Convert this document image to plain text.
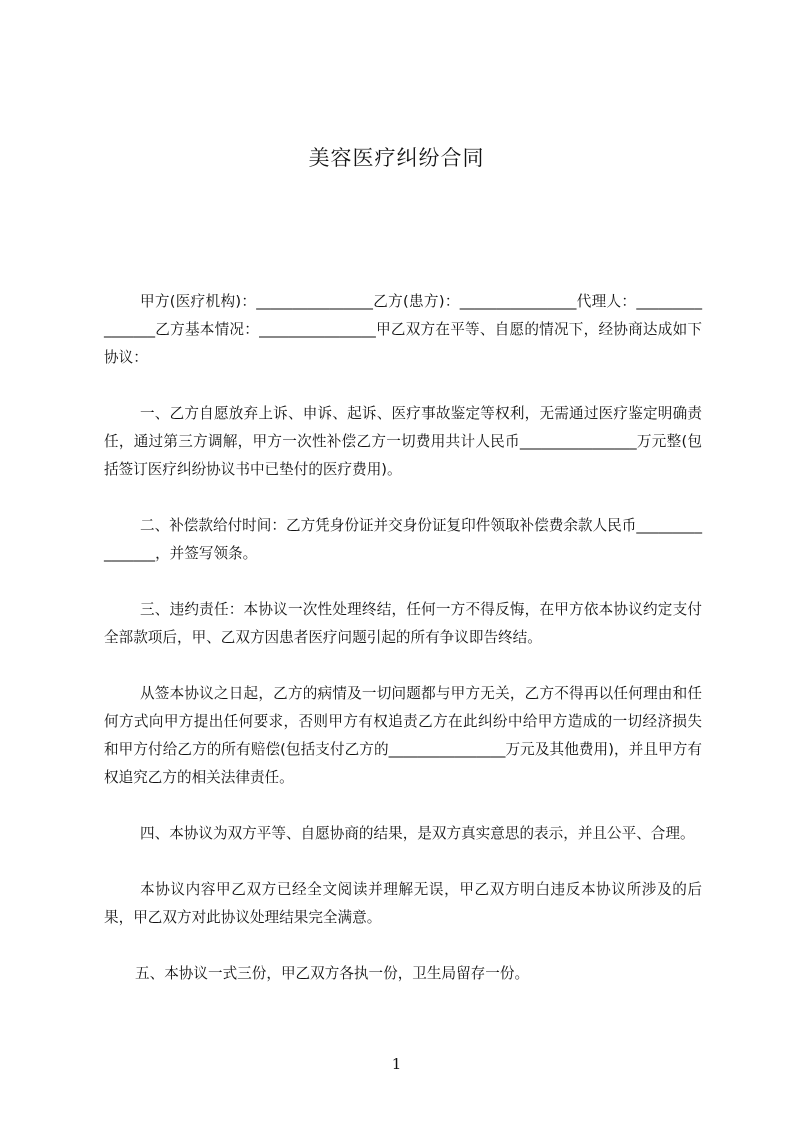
美容医疗纠纷合同

甲方(医疗机构)：________________乙方(患方)：________________代理人：________________乙方基本情况：________________甲乙双方在平等、自愿的情况下，经协商达成如下协议：

一、乙方自愿放弃上诉、申诉、起诉、医疗事故鉴定等权利，无需通过医疗鉴定明确责任，通过第三方调解，甲方一次性补偿乙方一切费用共计人民币________________万元整(包括签订医疗纠纷协议书中已垫付的医疗费用)。

二、补偿款给付时间：乙方凭身份证并交身份证复印件领取补偿费余款人民币________________，并签写领条。

三、违约责任：本协议一次性处理终结，任何一方不得反悔，在甲方依本协议约定支付全部款项后，甲、乙双方因患者医疗问题引起的所有争议即告终结。

从签本协议之日起，乙方的病情及一切问题都与甲方无关，乙方不得再以任何理由和任何方式向甲方提出任何要求，否则甲方有权追责乙方在此纠纷中给甲方造成的一切经济损失和甲方付给乙方的所有赔偿(包括支付乙方的________________万元及其他费用)，并且甲方有权追究乙方的相关法律责任。

四、本协议为双方平等、自愿协商的结果，是双方真实意思的表示，并且公平、合理。

本协议内容甲乙双方已经全文阅读并理解无误，甲乙双方明白违反本协议所涉及的后果，甲乙双方对此协议处理结果完全满意。

五、本协议一式三份，甲乙双方各执一份，卫生局留存一份。

1
